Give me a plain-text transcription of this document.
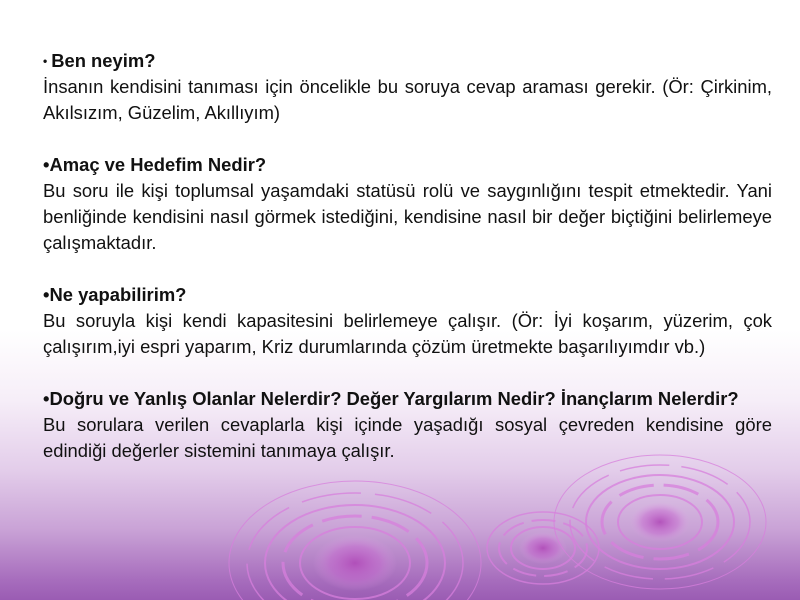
• Ben neyim?
İnsanın kendisini tanıması için öncelikle bu soruya cevap araması gerekir. (Ör: Çirkinim, Akılsızım, Güzelim, Akıllıyım)
•Amaç ve Hedefim Nedir?
Bu soru ile kişi toplumsal yaşamdaki statüsü rolü ve saygınlığını tespit etmektedir. Yani benliğinde kendisini nasıl görmek istediğini, kendisine nasıl bir değer biçtiğini belirlemeye çalışmaktadır.
•Ne yapabilirim?
Bu soruyla kişi kendi kapasitesini belirlemeye çalışır. (Ör: İyi koşarım, yüzerim, çok çalışırım,iyi espri yaparım, Kriz durumlarında çözüm üretmekte başarılıyımdır vb.)
•Doğru ve Yanlış Olanlar Nelerdir? Değer Yargılarım Nedir? İnançlarım Nelerdir?
Bu sorulara verilen cevaplarla kişi içinde yaşadığı sosyal çevreden kendisine göre edindiği değerler sistemini tanımaya çalışır.
